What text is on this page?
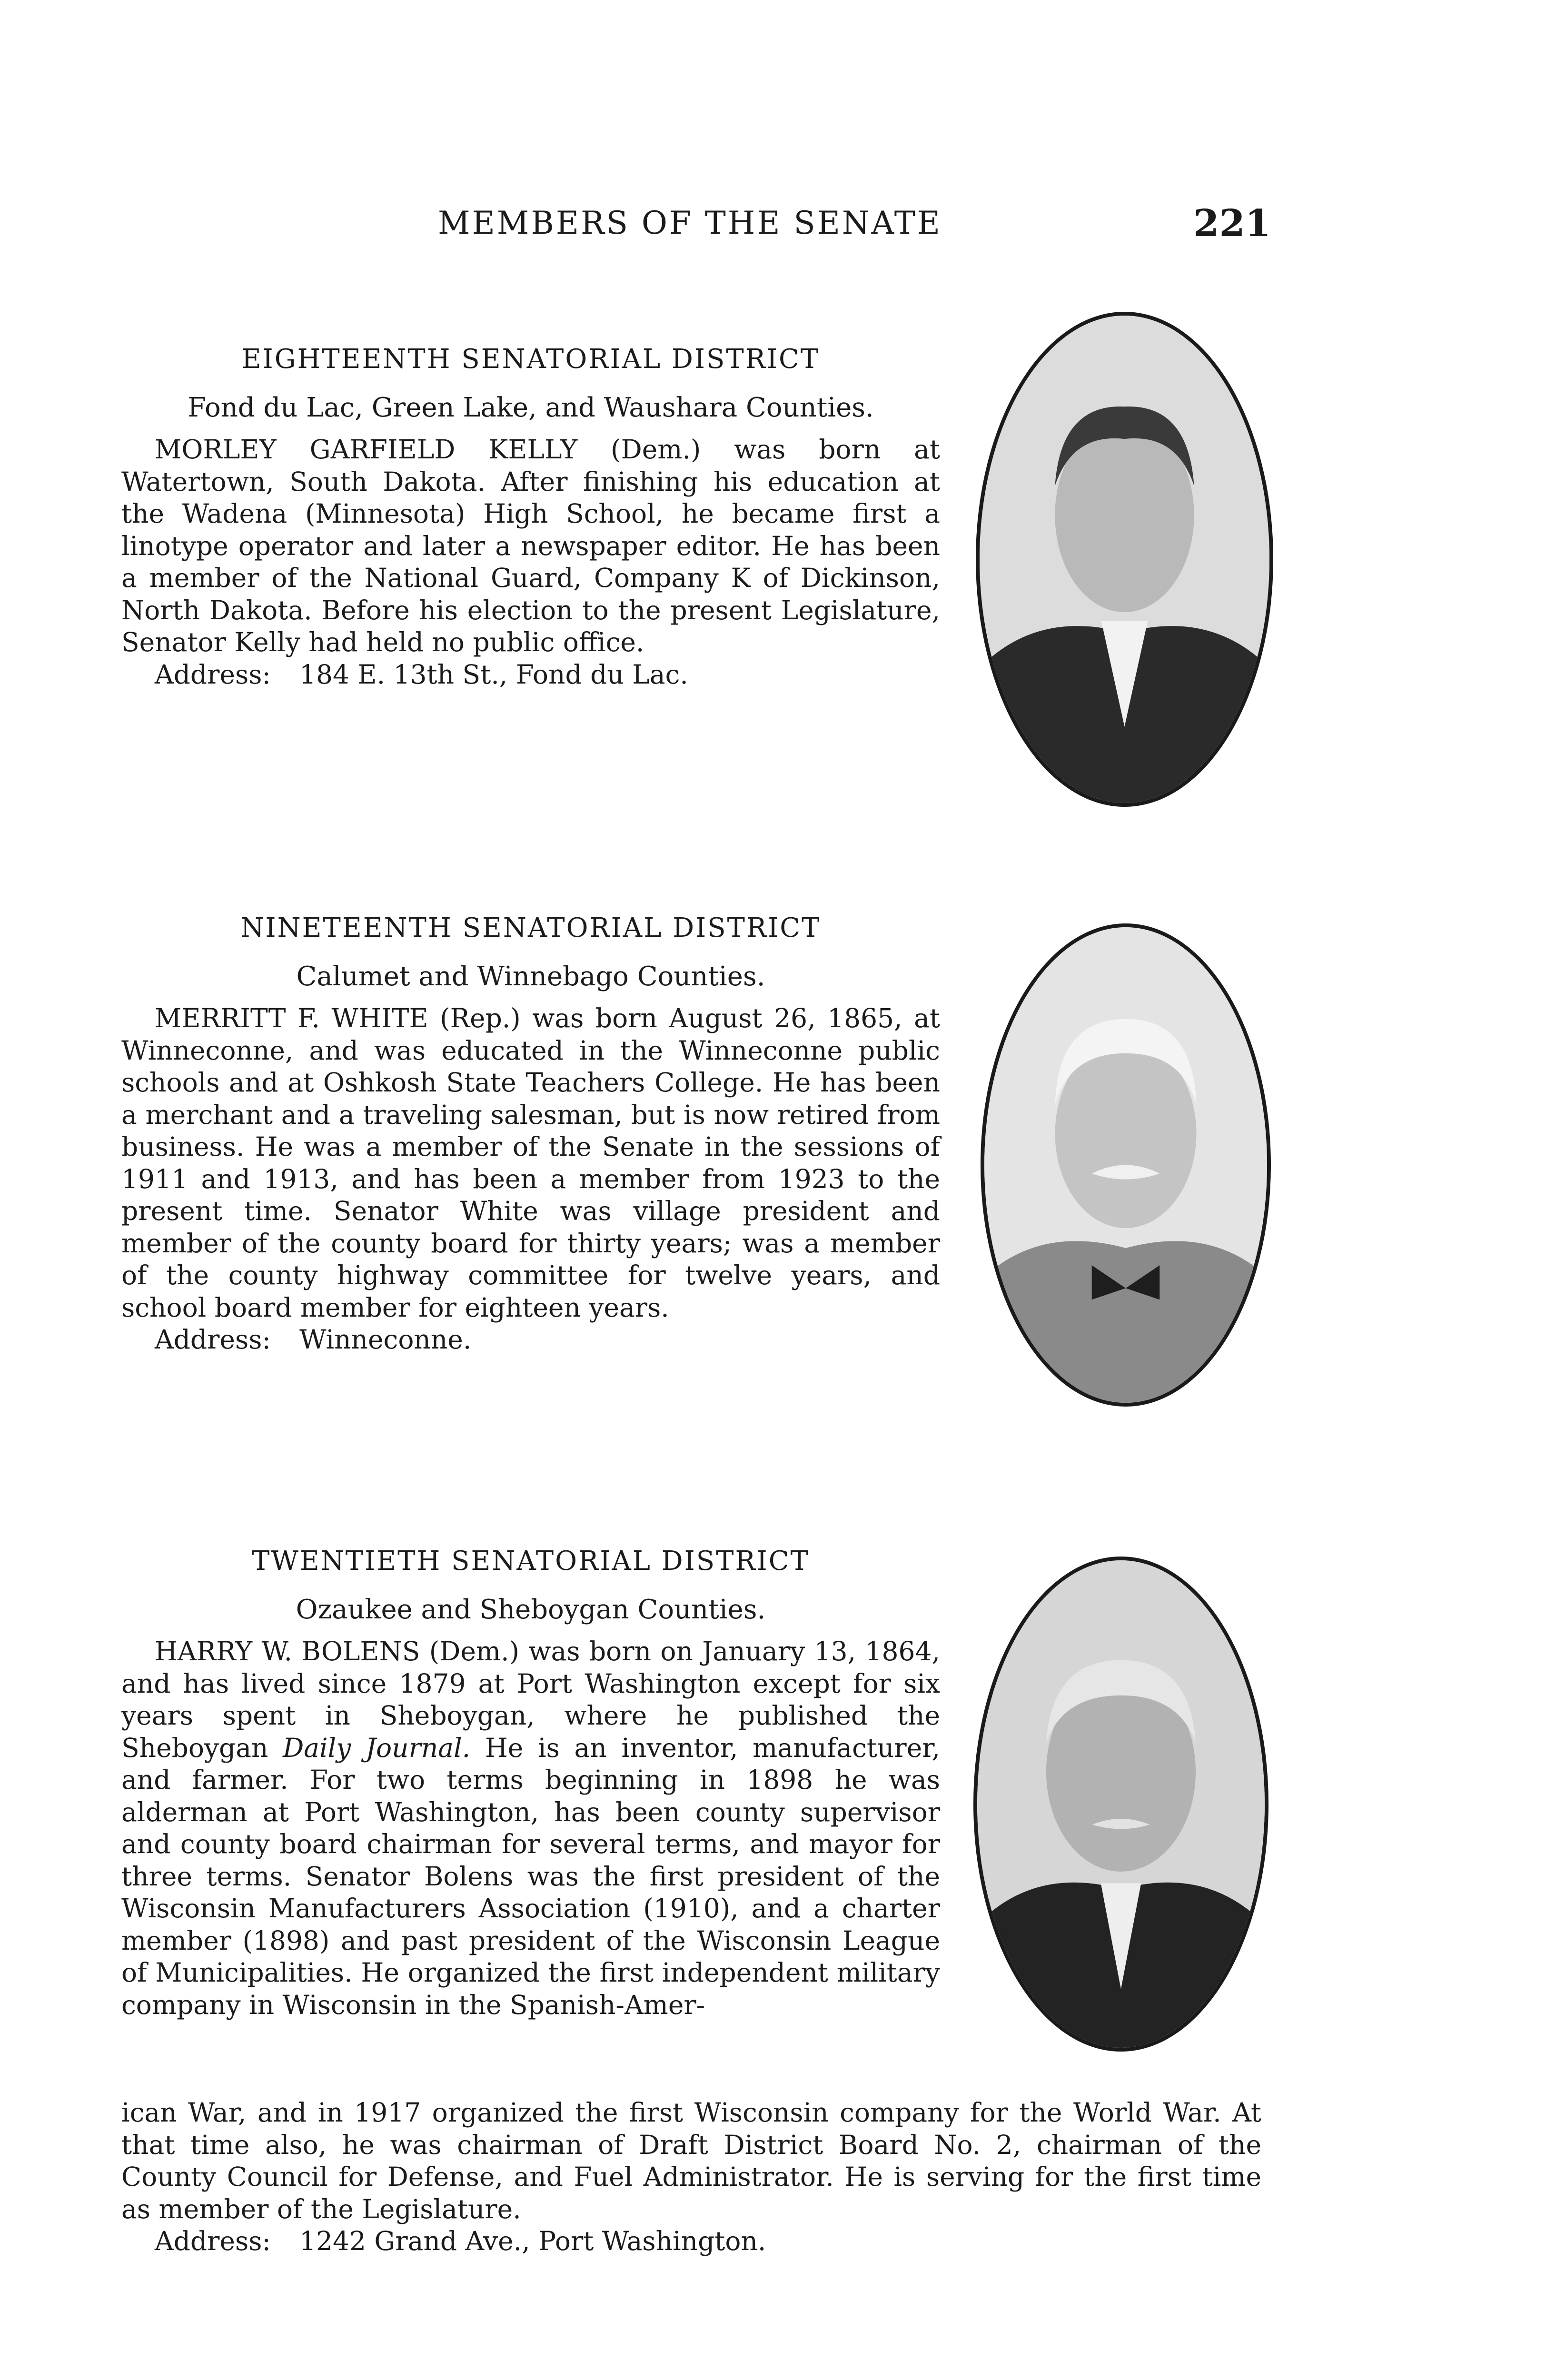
MEMBERS OF THE SENATE	221

EIGHTEENTH SENATORIAL DISTRICT

Fond du Lac, Green Lake, and Waushara Counties.

MORLEY GARFIELD KELLY (Dem.) was born at Watertown, South Dakota. After finishing his education at the Wadena (Minnesota) High School, he became first a linotype operator and later a newspaper editor. He has been a member of the National Guard, Company K of Dickinson, North Dakota. Before his election to the present Legislature, Senator Kelly had held no public office.

Address: 184 E. 13th St., Fond du Lac.

NINETEENTH SENATORIAL DISTRICT

Calumet and Winnebago Counties.

MERRITT F. WHITE (Rep.) was born August 26, 1865, at Winneconne, and was educated in the Winneconne public schools and at Oshkosh State Teachers College. He has been a merchant and a traveling salesman, but is now retired from business. He was a member of the Senate in the sessions of 1911 and 1913, and has been a member from 1923 to the present time. Senator White was village president and member of the county board for thirty years; was a member of the county highway committee for twelve years, and school board member for eighteen years.

Address: Winneconne.

TWENTIETH SENATORIAL DISTRICT

Ozaukee and Sheboygan Counties.

HARRY W. BOLENS (Dem.) was born on January 13, 1864, and has lived since 1879 at Port Washington except for six years spent in Sheboygan, where he published the Sheboygan Daily Journal. He is an inventor, manufacturer, and farmer. For two terms beginning in 1898 he was alderman at Port Washington, has been county supervisor and county board chairman for several terms, and mayor for three terms. Senator Bolens was the first president of the Wisconsin Manufacturers Association (1910), and a charter member (1898) and past president of the Wisconsin League of Municipalities. He organized the first independent military company in Wisconsin in the Spanish-Amer-

ican War, and in 1917 organized the first Wisconsin company for the World War. At that time also, he was chairman of Draft District Board No. 2, chairman of the County Council for Defense, and Fuel Administrator. He is serving for the first time as member of the Legislature.

Address: 1242 Grand Ave., Port Washington.
